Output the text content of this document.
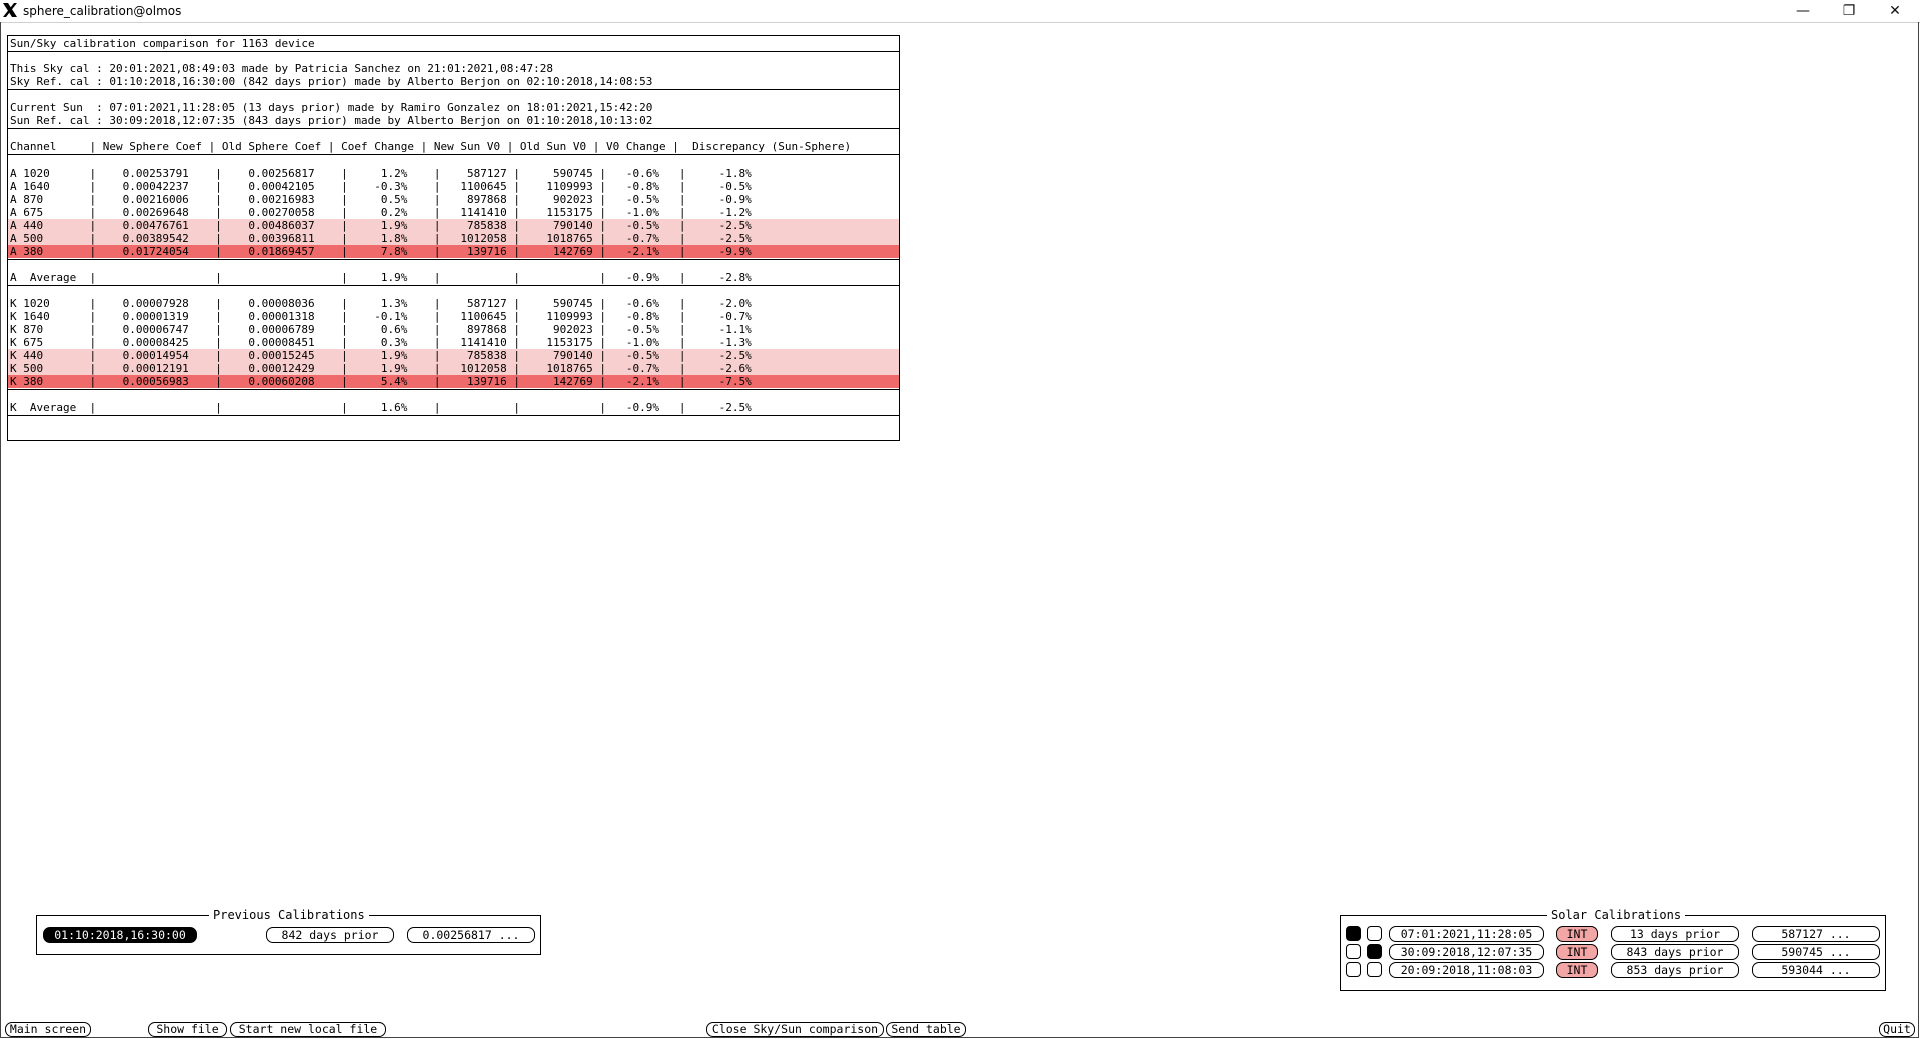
sphere_calibration@olmos	—	❐	✕
Sun/Sky calibration comparison for 1163 device
This Sky cal : 20:01:2021,08:49:03 made by Patricia Sanchez on 21:01:2021,08:47:28
Sky Ref. cal : 01:10:2018,16:30:00 (842 days prior) made by Alberto Berjon on 02:10:2018,14:08:53
Current Sun  : 07:01:2021,11:28:05 (13 days prior) made by Ramiro Gonzalez on 18:01:2021,15:42:20
Sun Ref. cal : 30:09:2018,12:07:35 (843 days prior) made by Alberto Berjon on 01:10:2018,10:13:02
Channel     | New Sphere Coef | Old Sphere Coef | Coef Change | New Sun V0 | Old Sun V0 | V0 Change |  Discrepancy (Sun-Sphere)
A 1020      |    0.00253791    |    0.00256817    |     1.2%    |    587127 |     590745 |   -0.6%   |     -1.8%
A 1640      |    0.00042237    |    0.00042105    |    -0.3%    |   1100645 |    1109993 |   -0.8%   |     -0.5%
A 870       |    0.00216006    |    0.00216983    |     0.5%    |    897868 |     902023 |   -0.5%   |     -0.9%
A 675       |    0.00269648    |    0.00270058    |     0.2%    |   1141410 |    1153175 |   -1.0%   |     -1.2%
A 440       |    0.00476761    |    0.00486037    |     1.9%    |    785838 |     790140 |   -0.5%   |     -2.5%
A 500       |    0.00389542    |    0.00396811    |     1.8%    |   1012058 |    1018765 |   -0.7%   |     -2.5%
A 380       |    0.01724054    |    0.01869457    |     7.8%    |    139716 |     142769 |   -2.1%   |     -9.9%
A  Average  |                  |                  |     1.9%    |           |            |   -0.9%   |     -2.8%
K 1020      |    0.00007928    |    0.00008036    |     1.3%    |    587127 |     590745 |   -0.6%   |     -2.0%
K 1640      |    0.00001319    |    0.00001318    |    -0.1%    |   1100645 |    1109993 |   -0.8%   |     -0.7%
K 870       |    0.00006747    |    0.00006789    |     0.6%    |    897868 |     902023 |   -0.5%   |     -1.1%
K 675       |    0.00008425    |    0.00008451    |     0.3%    |   1141410 |    1153175 |   -1.0%   |     -1.3%
K 440       |    0.00014954    |    0.00015245    |     1.9%    |    785838 |     790140 |   -0.5%   |     -2.5%
K 500       |    0.00012191    |    0.00012429    |     1.9%    |   1012058 |    1018765 |   -0.7%   |     -2.6%
K 380       |    0.00056983    |    0.00060208    |     5.4%    |    139716 |     142769 |   -2.1%   |     -7.5%
K  Average  |                  |                  |     1.6%    |           |            |   -0.9%   |     -2.5%
Previous Calibrations
01:10:2018,16:30:00	842 days prior	0.00256817 ...
Solar Calibrations
07:01:2021,11:28:05	INT	13 days prior	587127 ...
30:09:2018,12:07:35	INT	843 days prior	590745 ...
20:09:2018,11:08:03	INT	853 days prior	593044 ...
Main screen	Show file	Start new local file	Close Sky/Sun comparison	Send table	Quit
